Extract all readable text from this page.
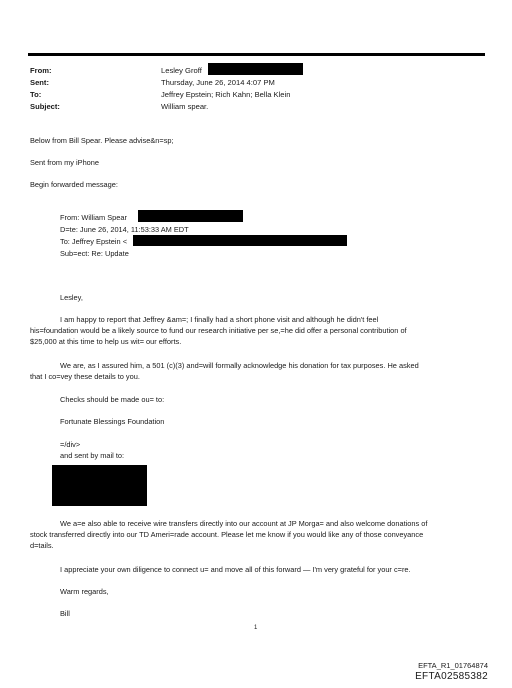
From:
Sent:
To:
Subject:
Lesley Groff
Thursday, June 26, 2014 4:07 PM
Jeffrey Epstein; Rich Kahn; Bella Klein
William spear.
Below from Bill Spear. Please advise&n=sp;
Sent from my iPhone
Begin forwarded message:
From: William Spear
D=te: June 26, 2014, 11:53:33 AM EDT
To: Jeffrey Epstein <
Sub=ect: Re: Update
Lesley,
I am happy to report that Jeffrey &am=; I finally had a short phone visit and although he didn't feel
his=foundation would be a likely source to fund our research initiative per se,=he did offer a personal contribution of
$25,000 at this time to help us wit= our efforts.
We are, as I assured him, a 501 (c)(3) and=will formally acknowledge his donation for tax purposes. He asked
that I co=vey these details to you.
Checks should be made ou= to:
Fortunate Blessings Foundation
=/div>
and sent by mail to:
We a=e also able to receive wire transfers directly into our account at JP Morga= and also welcome donations of
stock transferred directly into our TD Ameri=rade account. Please let me know if you would like any of those conveyance
d=tails.
I appreciate your own diligence to connect u= and move all of this forward — I'm very grateful for your c=re.
Warm regards,
Bill
1
EFTA_R1_01764874
EFTA02585382
